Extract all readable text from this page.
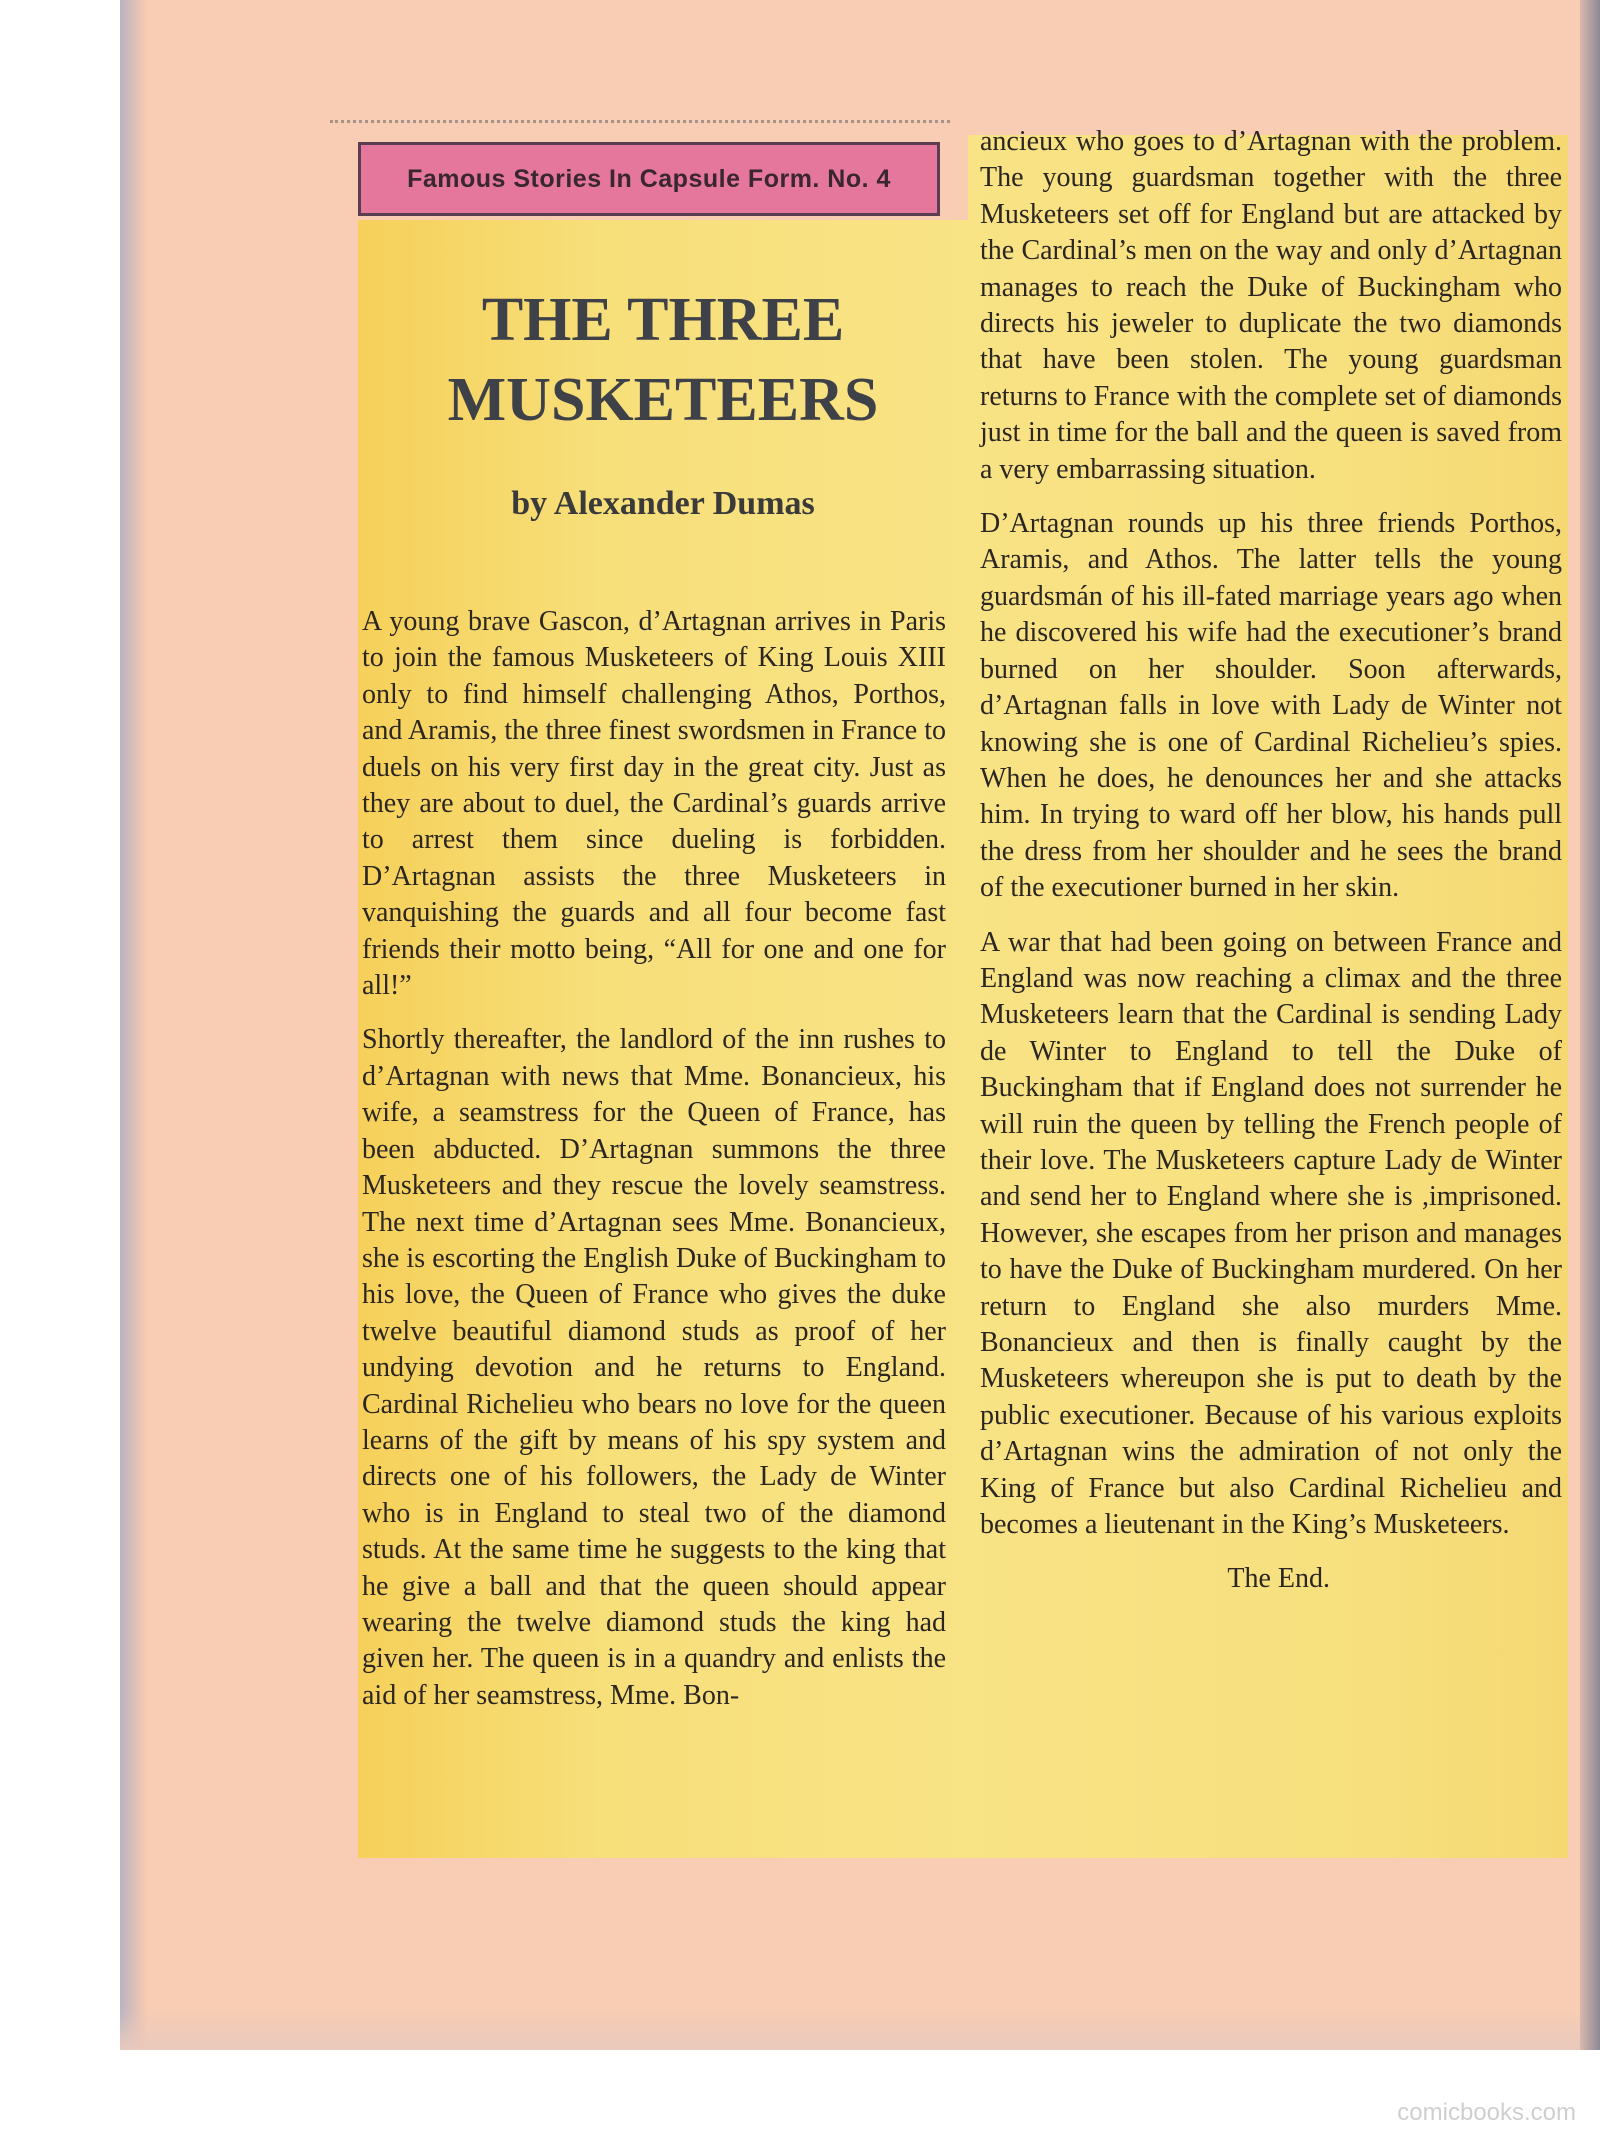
Famous Stories In Capsule Form. No. 4
THE THREE
MUSKETEERS
by Alexander Dumas

A young brave Gascon, d’Artagnan arrives in Paris to join the famous Musketeers of King Louis XIII only to find himself challenging Athos, Porthos, and Aramis, the three finest swordsmen in France to duels on his very first day in the great city. Just as they are about to duel, the Cardinal’s guards arrive to arrest them since dueling is forbidden. D’Artagnan assists the three Musketeers in vanquishing the guards and all four become fast friends their motto being, “All for one and one for all!”

Shortly thereafter, the landlord of the inn rushes to d’Artagnan with news that Mme. Bonancieux, his wife, a seamstress for the Queen of France, has been abducted. D’Artagnan summons the three Musketeers and they rescue the lovely seamstress. The next time d’Artagnan sees Mme. Bonancieux, she is escorting the English Duke of Buckingham to his love, the Queen of France who gives the duke twelve beautiful diamond studs as proof of her undying devotion and he returns to England. Cardinal Richelieu who bears no love for the queen learns of the gift by means of his spy system and directs one of his followers, the Lady de Winter who is in England to steal two of the diamond studs. At the same time he suggests to the king that he give a ball and that the queen should appear wearing the twelve diamond studs the king had given her. The queen is in a quandry and enlists the aid of her seamstress, Mme. Bon-

ancieux who goes to d’Artagnan with the problem. The young guardsman together with the three Musketeers set off for England but are attacked by the Cardinal’s men on the way and only d’Artagnan manages to reach the Duke of Buckingham who directs his jeweler to duplicate the two diamonds that have been stolen. The young guardsman returns to France with the complete set of diamonds just in time for the ball and the queen is saved from a very embarrassing situation.

D’Artagnan rounds up his three friends Porthos, Aramis, and Athos. The latter tells the young guardsmán of his ill-fated marriage years ago when he discovered his wife had the executioner’s brand burned on her shoulder. Soon afterwards, d’Artagnan falls in love with Lady de Winter not knowing she is one of Cardinal Richelieu’s spies. When he does, he denounces her and she attacks him. In trying to ward off her blow, his hands pull the dress from her shoulder and he sees the brand of the executioner burned in her skin.

A war that had been going on between France and England was now reaching a climax and the three Musketeers learn that the Cardinal is sending Lady de Winter to England to tell the Duke of Buckingham that if England does not surrender he will ruin the queen by telling the French people of their love. The Musketeers capture Lady de Winter and send her to England where she is ,imprisoned. However, she escapes from her prison and manages to have the Duke of Buckingham murdered. On her return to England she also murders Mme. Bonancieux and then is finally caught by the Musketeers whereupon she is put to death by the public executioner. Because of his various exploits d’Artagnan wins the admiration of not only the King of France but also Cardinal Richelieu and becomes a lieutenant in the King’s Musketeers.

The End.

comicbooks.com
